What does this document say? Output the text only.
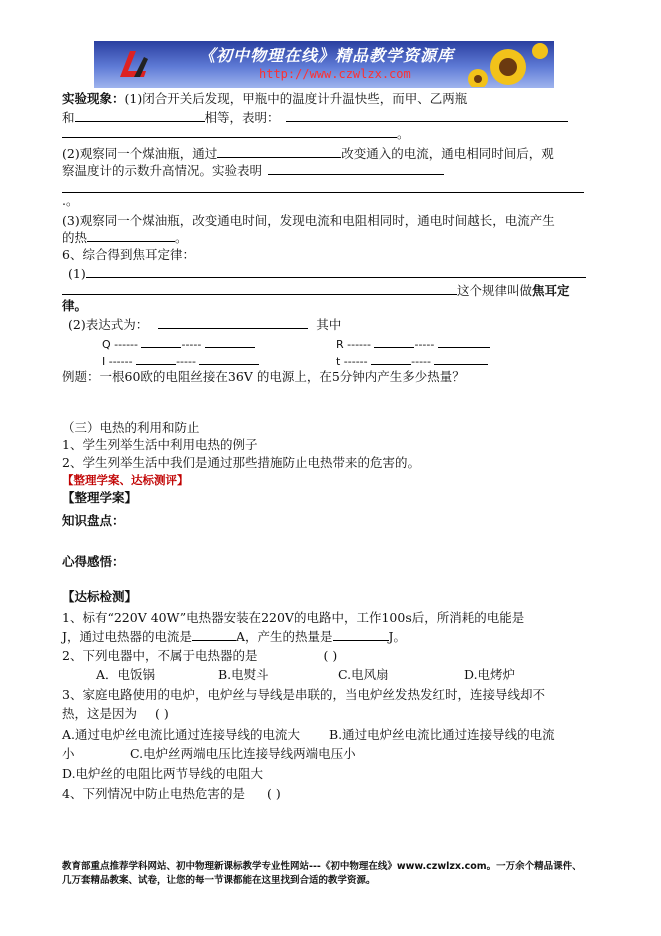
《初中物理在线》精品教学资源库
http://www.czwlzx.com
实验现象：(1)闭合开关后发现，甲瓶中的温度计升温快些，而甲、乙两瓶
和	相等，表明：
。
(2)观察同一个煤油瓶，通过	改变通入的电流，通电相同时间后，观
察温度计的示数升高情况。实验表明
.。
(3)观察同一个煤油瓶，改变通电时间，发现电流和电阻相同时，通电时间越长，电流产生
的热	。
6、综合得到焦耳定律：
(1)
这个规律叫做焦耳定
律。
(2)表达式为：	其中
Q ------	-----	R ------	-----
I ------	-----	t ------	-----
例题：一根60欧的电阻丝接在36V 的电源上，在5分钟内产生多少热量？
（三）电热的利用和防止
1、学生列举生活中利用电热的例子
2、学生列举生活中我们是通过那些措施防止电热带来的危害的。
【整理学案、达标测评】
【整理学案】
知识盘点：
心得感悟：
【达标检测】
1、标有“220V 40W”电热器安装在220V的电路中，工作100s后，所消耗的电能是
J，通过电热器的电流是	A，产生的热量是	J。
2、下列电器中，不属于电热器的是	( )
A．电饭锅	B.电熨斗	C.电风扇	D.电烤炉
3、家庭电路使用的电炉，电炉丝与导线是串联的，当电炉丝发热发红时，连接导线却不
热，这是因为 ( )
A.通过电炉丝电流比通过连接导线的电流大 B.通过电炉丝电流比通过连接导线的电流
小	C.电炉丝两端电压比连接导线两端电压小
D.电炉丝的电阻比两节导线的电阻大
4、下列情况中防止电热危害的是 ( )
教育部重点推荐学科网站、初中物理新课标教学专业性网站---《初中物理在线》www.czwlzx.com。一万余个精品课件、
几万套精品教案、试卷，让您的每一节课都能在这里找到合适的教学资源。
